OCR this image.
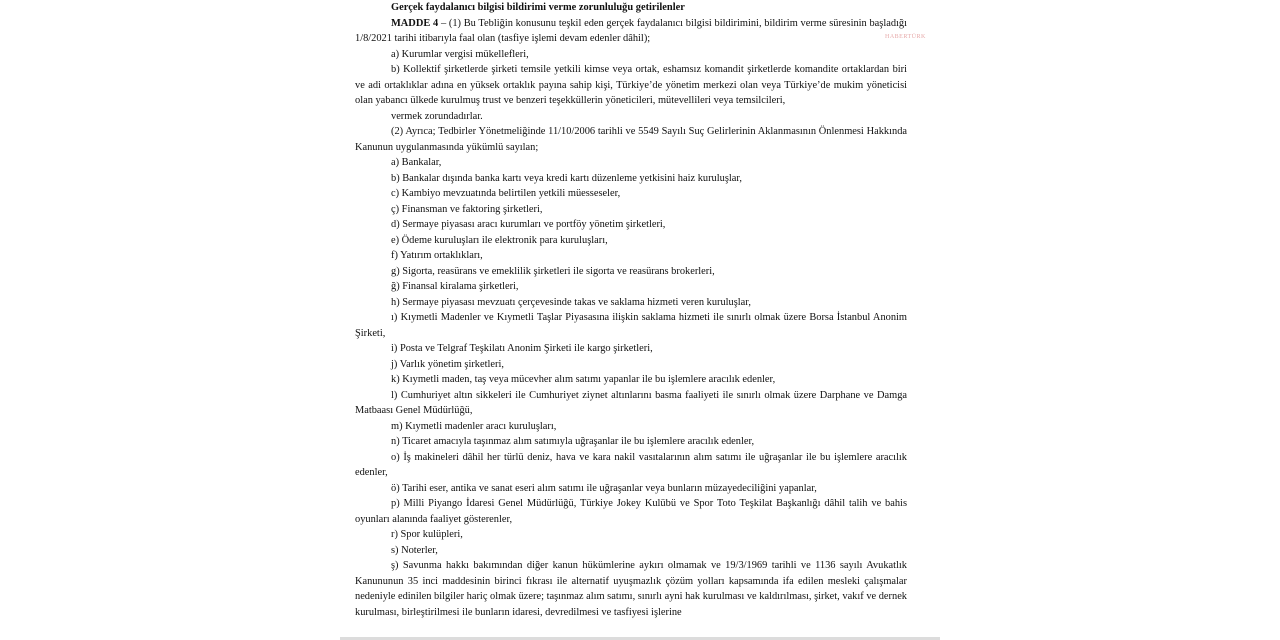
HABERTÜRK

Gerçek faydalanıcı bilgisi bildirimi verme zorunluluğu getirilenler

MADDE 4 – (1) Bu Tebliğin konusunu teşkil eden gerçek faydalanıcı bilgisi bildirimini, bildirim verme süresinin başladığı 1/8/2021 tarihi itibarıyla faal olan (tasfiye işlemi devam edenler dâhil);

a) Kurumlar vergisi mükellefleri,

b) Kollektif şirketlerde şirketi temsile yetkili kimse veya ortak, eshamsız komandit şirketlerde komandite ortaklardan biri ve adi ortaklıklar adına en yüksek ortaklık payına sahip kişi, Türkiye’de yönetim merkezi olan veya Türkiye’de mukim yöneticisi olan yabancı ülkede kurulmuş trust ve benzeri teşekküllerin yöneticileri, mütevellileri veya temsilcileri,

vermek zorundadırlar.

(2) Ayrıca; Tedbirler Yönetmeliğinde 11/10/2006 tarihli ve 5549 Sayılı Suç Gelirlerinin Aklanmasının Önlenmesi Hakkında Kanunun uygulanmasında yükümlü sayılan;

a) Bankalar,

b) Bankalar dışında banka kartı veya kredi kartı düzenleme yetkisini haiz kuruluşlar,

c) Kambiyo mevzuatında belirtilen yetkili müesseseler,

ç) Finansman ve faktoring şirketleri,

d) Sermaye piyasası aracı kurumları ve portföy yönetim şirketleri,

e) Ödeme kuruluşları ile elektronik para kuruluşları,

f) Yatırım ortaklıkları,

g) Sigorta, reasürans ve emeklilik şirketleri ile sigorta ve reasürans brokerleri,

ğ) Finansal kiralama şirketleri,

h) Sermaye piyasası mevzuatı çerçevesinde takas ve saklama hizmeti veren kuruluşlar,

ı) Kıymetli Madenler ve Kıymetli Taşlar Piyasasına ilişkin saklama hizmeti ile sınırlı olmak üzere Borsa İstanbul Anonim Şirketi,

i) Posta ve Telgraf Teşkilatı Anonim Şirketi ile kargo şirketleri,

j) Varlık yönetim şirketleri,

k) Kıymetli maden, taş veya mücevher alım satımı yapanlar ile bu işlemlere aracılık edenler,

l) Cumhuriyet altın sikkeleri ile Cumhuriyet ziynet altınlarını basma faaliyeti ile sınırlı olmak üzere Darphane ve Damga Matbaası Genel Müdürlüğü,

m) Kıymetli madenler aracı kuruluşları,

n) Ticaret amacıyla taşınmaz alım satımıyla uğraşanlar ile bu işlemlere aracılık edenler,

o) İş makineleri dâhil her türlü deniz, hava ve kara nakil vasıtalarının alım satımı ile uğraşanlar ile bu işlemlere aracılık edenler,

ö) Tarihi eser, antika ve sanat eseri alım satımı ile uğraşanlar veya bunların müzayedeciliğini yapanlar,

p) Milli Piyango İdaresi Genel Müdürlüğü, Türkiye Jokey Kulübü ve Spor Toto Teşkilat Başkanlığı dâhil talih ve bahis oyunları alanında faaliyet gösterenler,

r) Spor kulüpleri,

s) Noterler,

ş) Savunma hakkı bakımından diğer kanun hükümlerine aykırı olmamak ve 19/3/1969 tarihli ve 1136 sayılı Avukatlık Kanununun 35 inci maddesinin birinci fıkrası ile alternatif uyuşmazlık çözüm yolları kapsamında ifa edilen mesleki çalışmalar nedeniyle edinilen bilgiler hariç olmak üzere; taşınmaz alım satımı, sınırlı ayni hak kurulması ve kaldırılması, şirket, vakıf ve dernek kurulması, birleştirilmesi ile bunların idaresi, devredilmesi ve tasfiyesi işlerine
